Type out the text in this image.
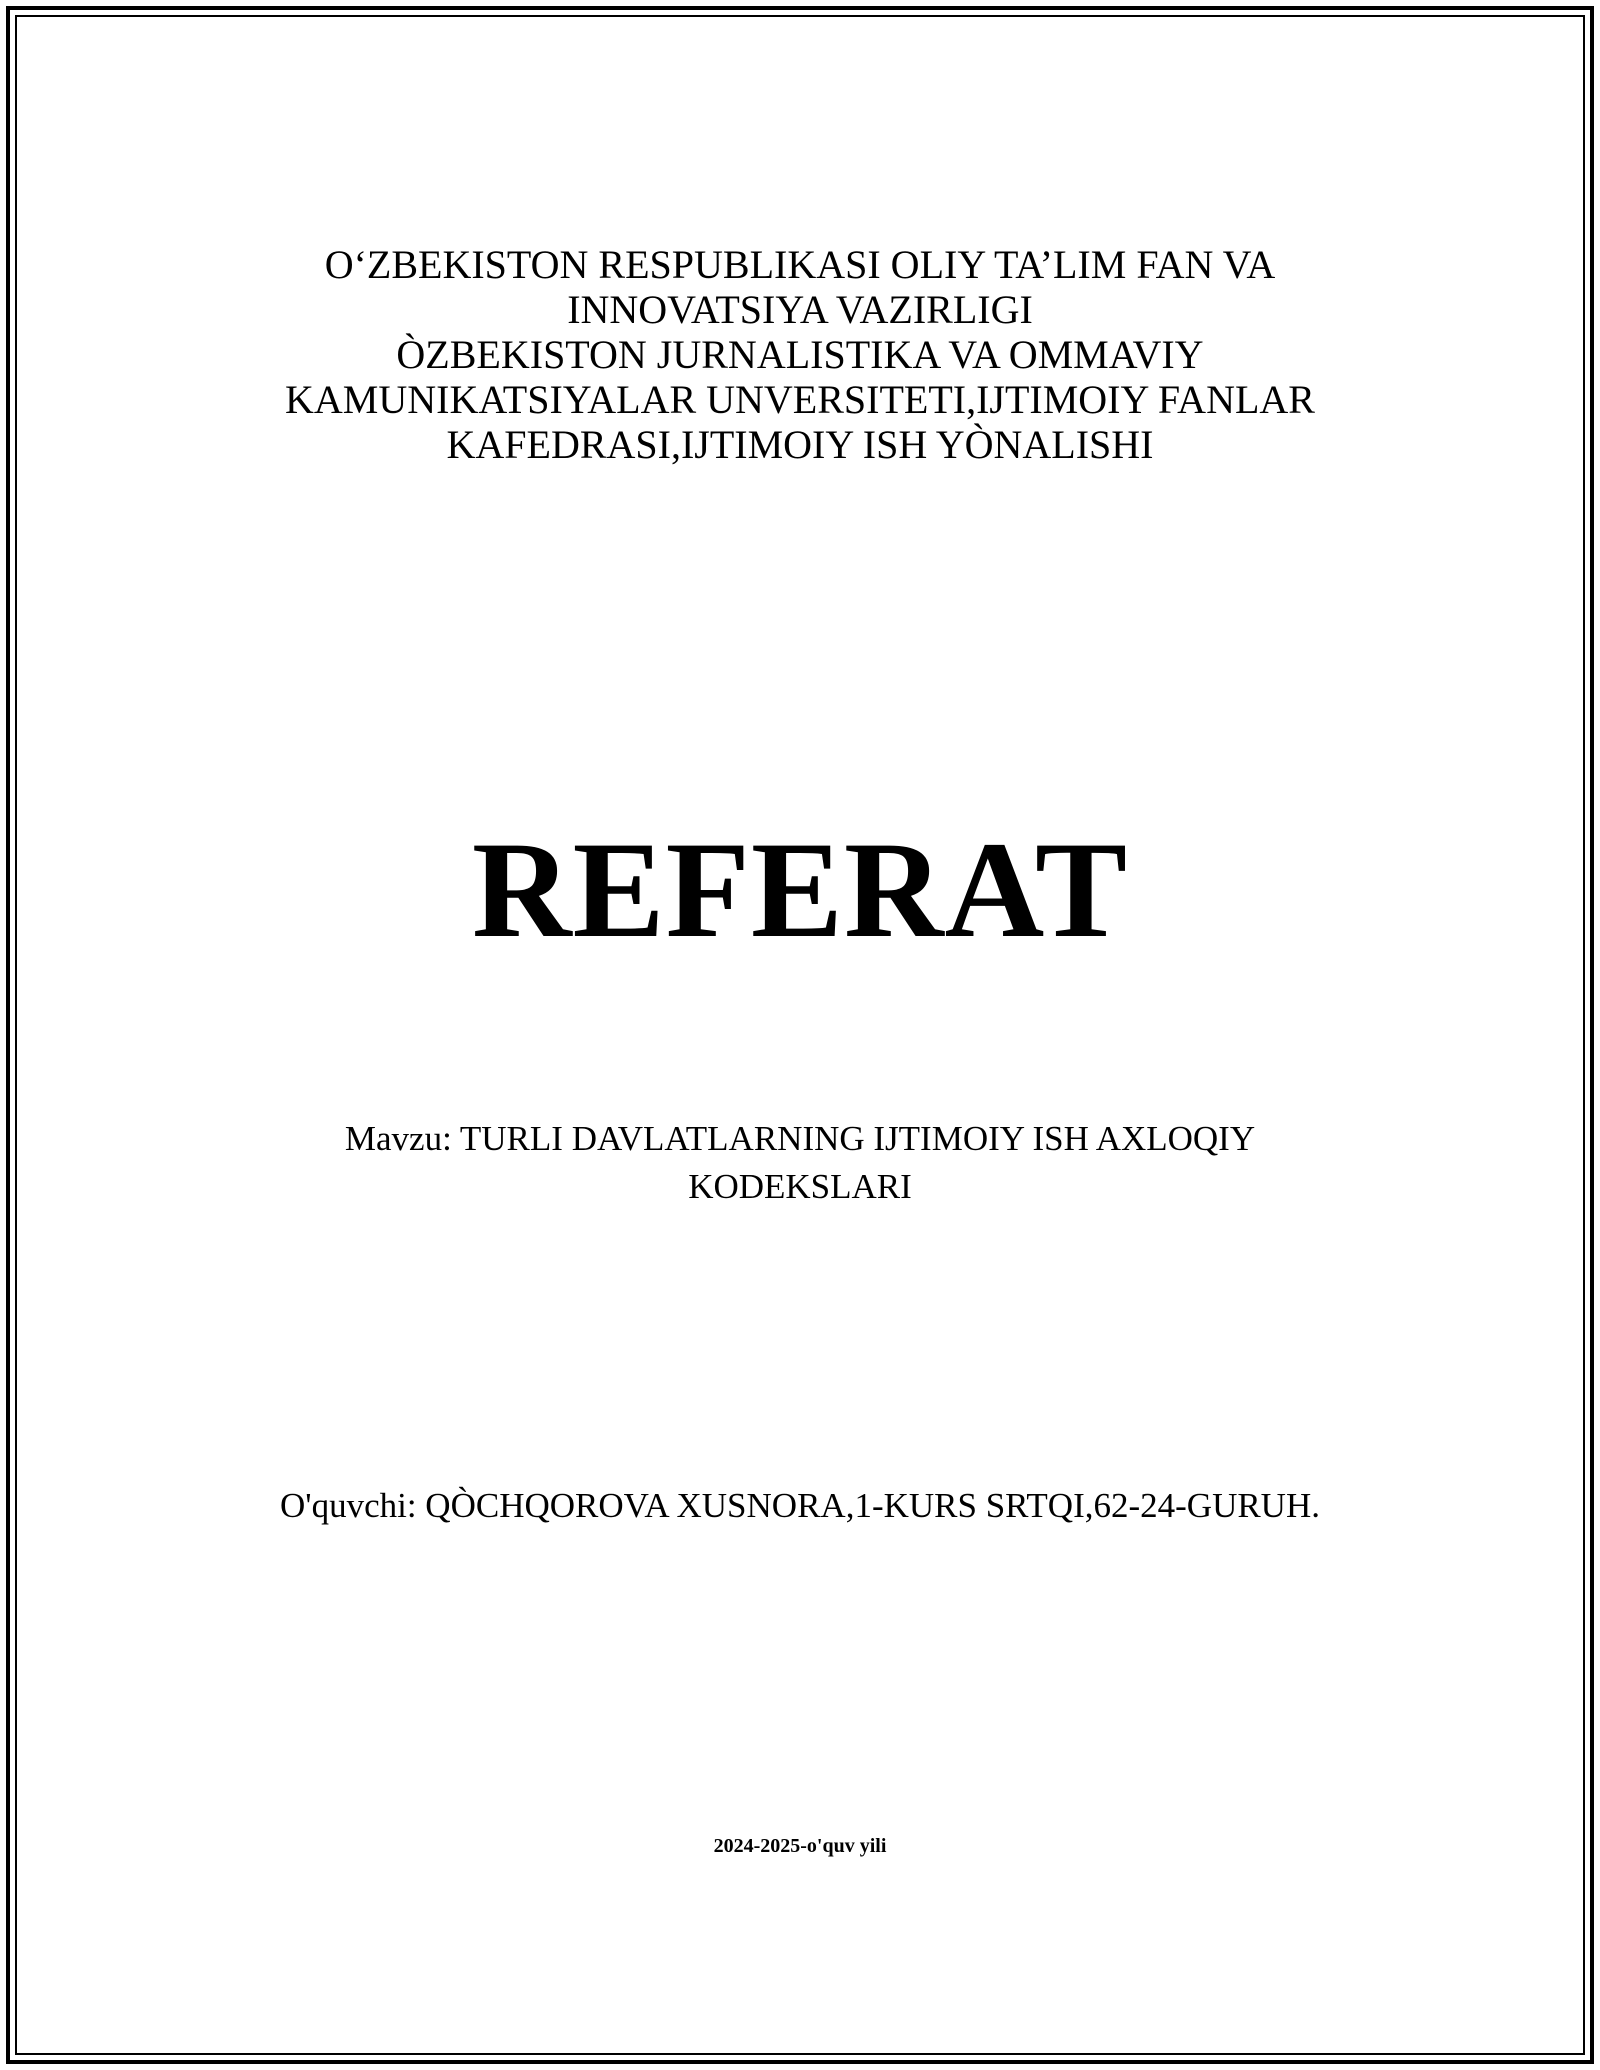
O‘ZBEKISTON RESPUBLIKASI OLIY TA’LIM FAN VA
INNOVATSIYA VAZIRLIGI
ÒZBEKISTON JURNALISTIKA VA OMMAVIY
KAMUNIKATSIYALAR UNVERSITETI,IJTIMOIY FANLAR
KAFEDRASI,IJTIMOIY ISH YÒNALISHI
REFERAT
Mavzu: TURLI DAVLATLARNING IJTIMOIY ISH AXLOQIY
KODEKSLARI
O'quvchi: QÒCHQOROVA XUSNORA,1-KURS SRTQI,62-24-GURUH.
2024-2025-o'quv yili
